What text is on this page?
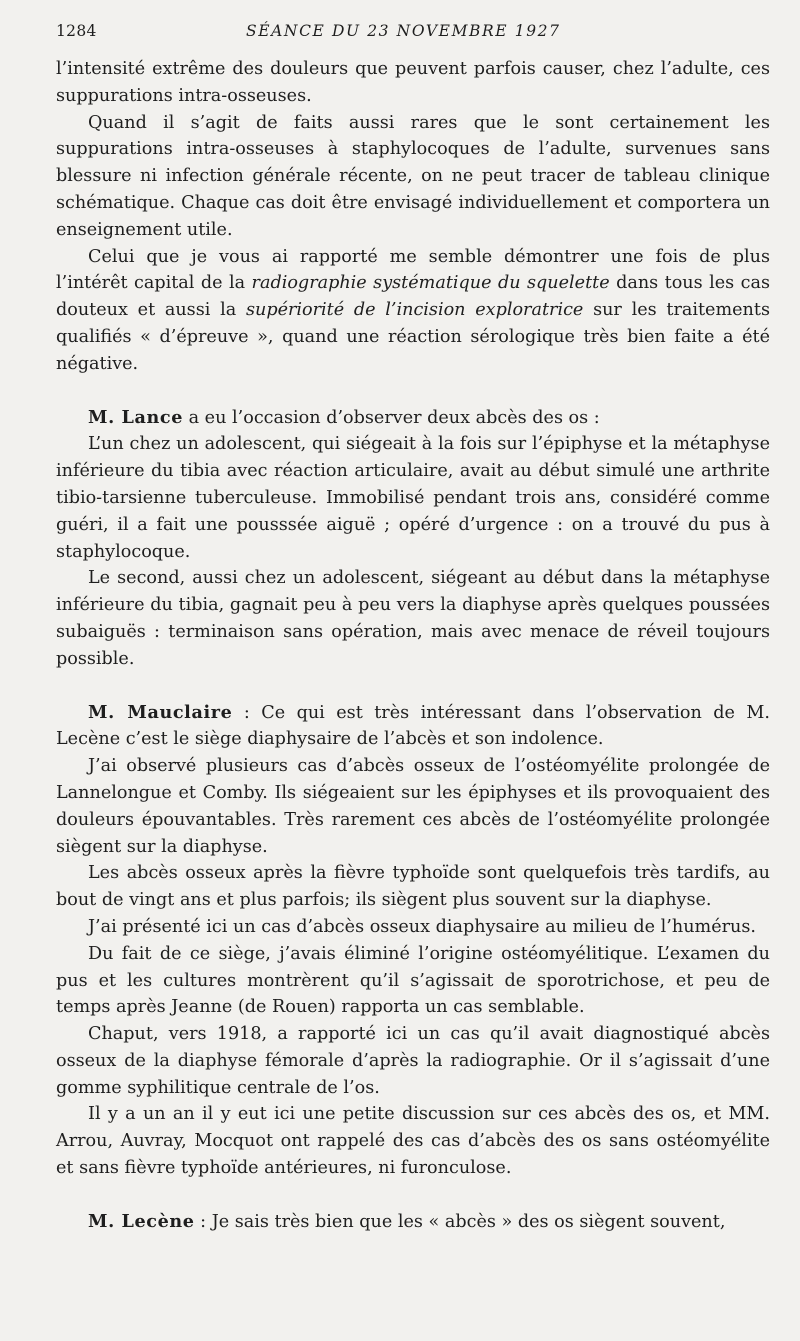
1284	SÉANCE DU 23 NOVEMBRE 1927

l’intensité extrême des douleurs que peuvent parfois causer, chez l’adulte, ces suppurations intra-osseuses.

Quand il s’agit de faits aussi rares que le sont certainement les suppurations intra-osseuses à staphylocoques de l’adulte, survenues sans blessure ni infection générale récente, on ne peut tracer de tableau clinique schématique. Chaque cas doit être envisagé individuellement et comportera un enseignement utile.

Celui que je vous ai rapporté me semble démontrer une fois de plus l’intérêt capital de la radiographie systématique du squelette dans tous les cas douteux et aussi la supériorité de l’incision exploratrice sur les traitements qualifiés « d’épreuve », quand une réaction sérologique très bien faite a été négative.

M. Lance a eu l’occasion d’observer deux abcès des os :

L’un chez un adolescent, qui siégeait à la fois sur l’épiphyse et la métaphyse inférieure du tibia avec réaction articulaire, avait au début simulé une arthrite tibio-tarsienne tuberculeuse. Immobilisé pendant trois ans, considéré comme guéri, il a fait une pousssée aiguë ; opéré d’urgence : on a trouvé du pus à staphylocoque.

Le second, aussi chez un adolescent, siégeant au début dans la métaphyse inférieure du tibia, gagnait peu à peu vers la diaphyse après quelques poussées subaiguës : terminaison sans opération, mais avec menace de réveil toujours possible.

M. Mauclaire : Ce qui est très intéressant dans l’observation de M. Lecène c’est le siège diaphysaire de l’abcès et son indolence.

J’ai observé plusieurs cas d’abcès osseux de l’ostéomyélite prolongée de Lannelongue et Comby. Ils siégeaient sur les épiphyses et ils provoquaient des douleurs épouvantables. Très rarement ces abcès de l’ostéomyélite prolongée siègent sur la diaphyse.

Les abcès osseux après la fièvre typhoïde sont quelquefois très tardifs, au bout de vingt ans et plus parfois; ils siègent plus souvent sur la diaphyse.

J’ai présenté ici un cas d’abcès osseux diaphysaire au milieu de l’humérus.

Du fait de ce siège, j’avais éliminé l’origine ostéomyélitique. L’examen du pus et les cultures montrèrent qu’il s’agissait de sporotrichose, et peu de temps après Jeanne (de Rouen) rapporta un cas semblable.

Chaput, vers 1918, a rapporté ici un cas qu’il avait diagnostiqué abcès osseux de la diaphyse fémorale d’après la radiographie. Or il s’agissait d’une gomme syphilitique centrale de l’os.

Il y a un an il y eut ici une petite discussion sur ces abcès des os, et MM. Arrou, Auvray, Mocquot ont rappelé des cas d’abcès des os sans ostéomyélite et sans fièvre typhoïde antérieures, ni furonculose.

M. Lecène : Je sais très bien que les « abcès » des os siègent souvent,
